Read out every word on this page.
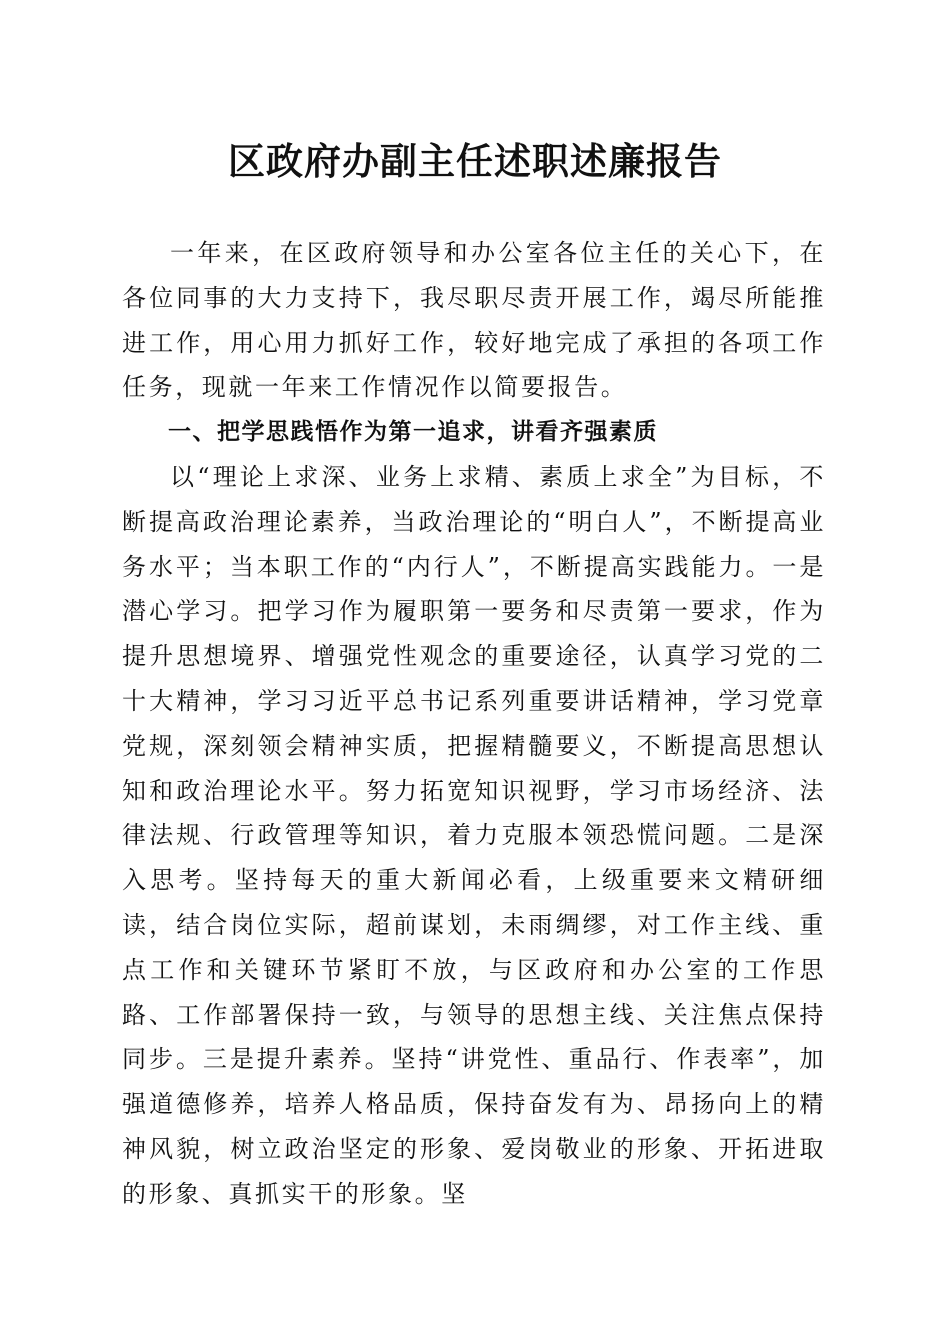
区政府办副主任述职述廉报告

一年来，在区政府领导和办公室各位主任的关心下，在各位同事的大力支持下，我尽职尽责开展工作，竭尽所能推进工作，用心用力抓好工作，较好地完成了承担的各项工作任务，现就一年来工作情况作以简要报告。

一、把学思践悟作为第一追求，讲看齐强素质

以“理论上求深、业务上求精、素质上求全”为目标，不断提高政治理论素养，当政治理论的“明白人”，不断提高业务水平；当本职工作的“内行人”，不断提高实践能力。一是潜心学习。把学习作为履职第一要务和尽责第一要求，作为提升思想境界、增强党性观念的重要途径，认真学习党的二十大精神，学习习近平总书记系列重要讲话精神，学习党章党规，深刻领会精神实质，把握精髓要义，不断提高思想认知和政治理论水平。努力拓宽知识视野，学习市场经济、法律法规、行政管理等知识，着力克服本领恐慌问题。二是深入思考。坚持每天的重大新闻必看，上级重要来文精研细读，结合岗位实际，超前谋划，未雨绸缪，对工作主线、重点工作和关键环节紧盯不放，与区政府和办公室的工作思路、工作部署保持一致，与领导的思想主线、关注焦点保持同步。三是提升素养。坚持“讲党性、重品行、作表率”，加强道德修养，培养人格品质，保持奋发有为、昂扬向上的精神风貌，树立政治坚定的形象、爱岗敬业的形象、开拓进取的形象、真抓实干的形象。坚
